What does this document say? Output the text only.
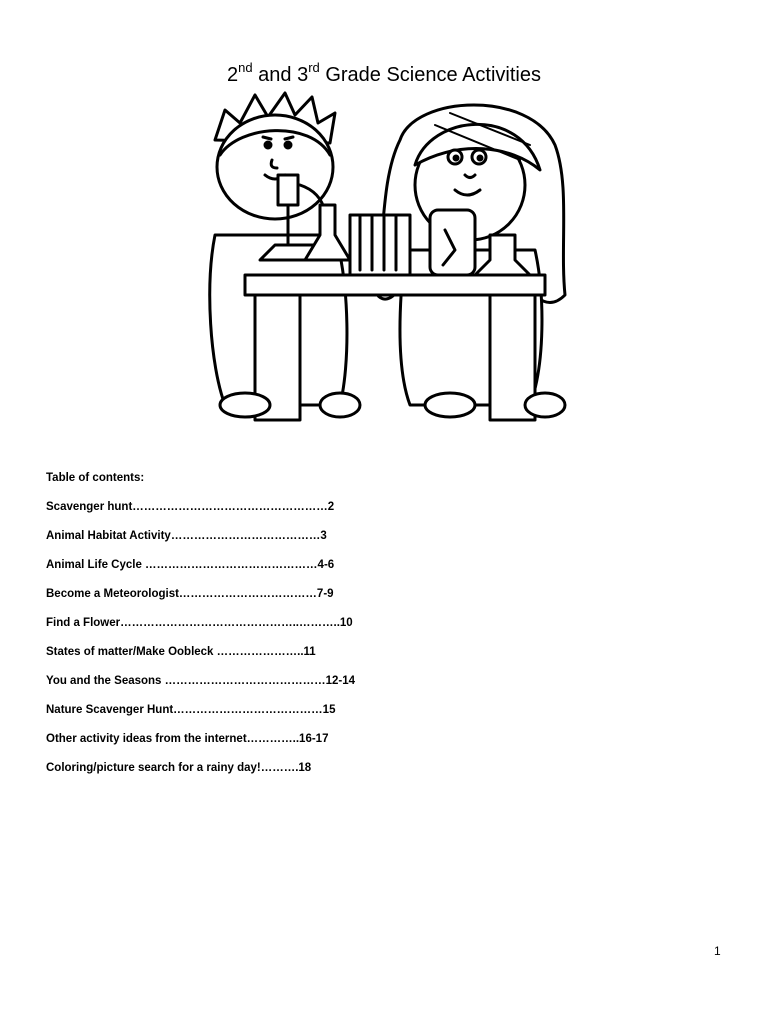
2nd and 3rd Grade Science Activities
Table of contents:
Scavenger hunt……………………………………………2
Animal Habitat Activity…………………………………3
Animal Life Cycle ………………………………………4-6
Become a Meteorologist………………………………7-9
Find a Flower………………………………………..………..10
States of matter/Make Oobleck …………………..11
You and the Seasons ……………………………………12-14
Nature Scavenger Hunt…………………………………15
Other activity ideas from the internet…………..16-17
Coloring/picture search for a rainy day!……….18
1
